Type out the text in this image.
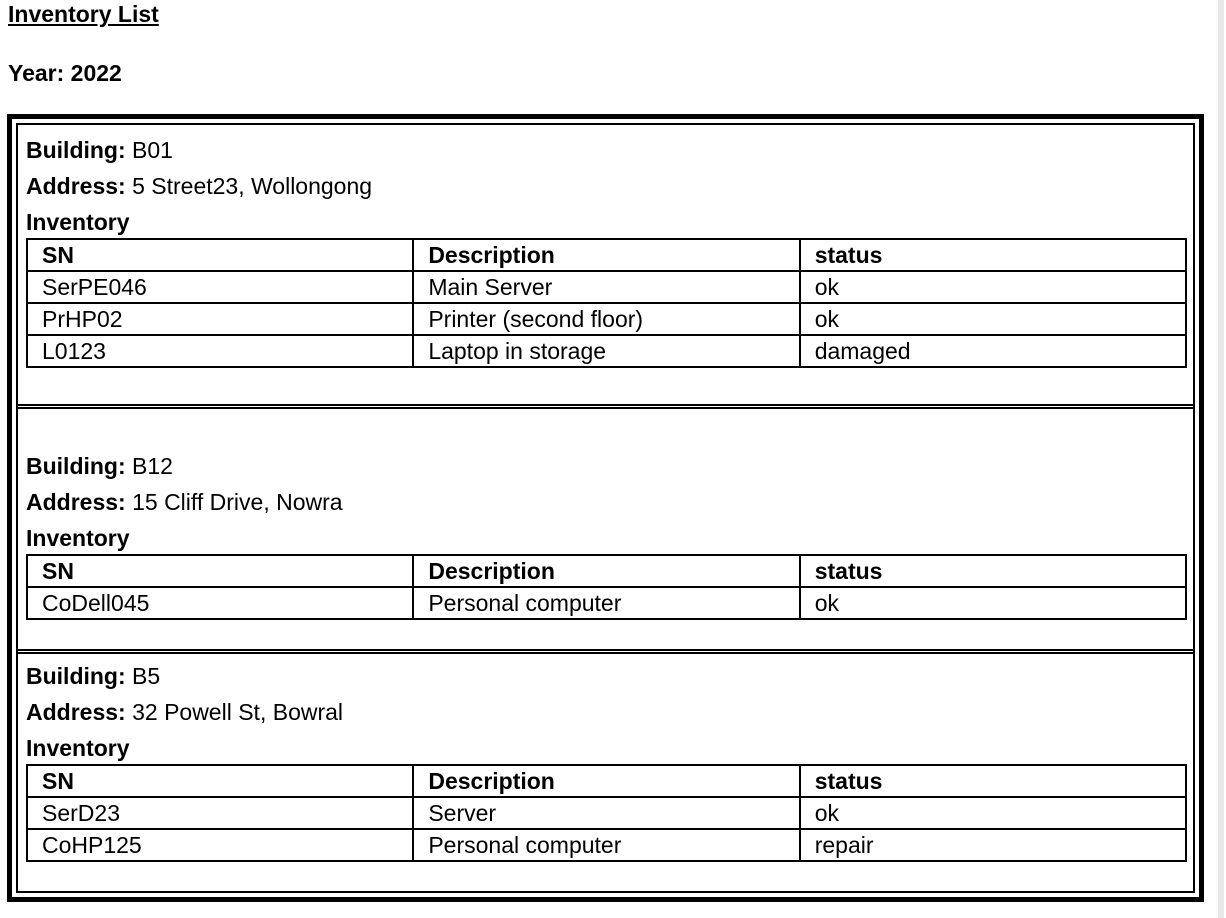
Inventory List
Year: 2022
Building: B01
Address: 5 Street23, Wollongong
Inventory
SN	Description	status
SerPE046	Main Server	ok
PrHP02	Printer (second floor)	ok
L0123	Laptop in storage	damaged
Building: B12
Address: 15 Cliff Drive, Nowra
Inventory
SN	Description	status
CoDell045	Personal computer	ok
Building: B5
Address: 32 Powell St, Bowral
Inventory
SN	Description	status
SerD23	Server	ok
CoHP125	Personal computer	repair
